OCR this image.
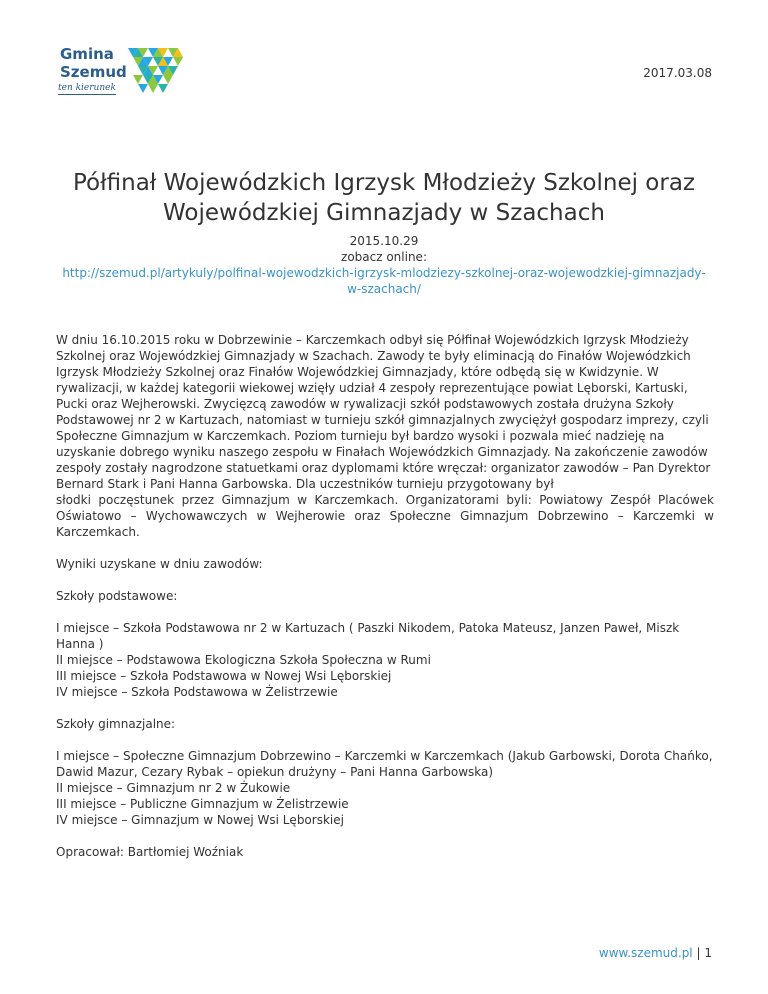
Gmina
Szemud
ten kierunek
2017.03.08
Półfinał Wojewódzkich Igrzysk Młodzieży Szkolnej oraz Wojewódzkiej Gimnazjady w Szachach
2015.10.29
zobacz online:
http://szemud.pl/artykuly/polfinal-wojewodzkich-igrzysk-mlodziezy-szkolnej-oraz-wojewodzkiej-gimnazjady-w-szachach/

W dniu 16.10.2015 roku w Dobrzewinie – Karczemkach odbył się Półfinał Wojewódzkich Igrzysk Młodzieży Szkolnej oraz Wojewódzkiej Gimnazjady w Szachach. Zawody te były eliminacją do Finałów Wojewódzkich Igrzysk Młodzieży Szkolnej oraz Finałów Wojewódzkiej Gimnazjady, które odbędą się w Kwidzynie. W rywalizacji, w każdej kategorii wiekowej wzięły udział 4 zespoły reprezentujące powiat Lęborski, Kartuski, Pucki oraz Wejherowski. Zwycięzcą zawodów w rywalizacji szkół podstawowych została drużyna Szkoły Podstawowej nr 2 w Kartuzach, natomiast w turnieju szkół gimnazjalnych zwyciężył gospodarz imprezy, czyli Społeczne Gimnazjum w Karczemkach. Poziom turnieju był bardzo wysoki i pozwala mieć nadzieję na uzyskanie dobrego wyniku naszego zespołu w Finałach Wojewódzkich Gimnazjady. Na zakończenie zawodów zespoły zostały nagrodzone statuetkami oraz dyplomami które wręczał: organizator zawodów – Pan Dyrektor Bernard Stark i Pani Hanna Garbowska. Dla uczestników turnieju przygotowany był

słodki poczęstunek przez Gimnazjum w Karczemkach. Organizatorami byli: Powiatowy Zespół Placówek Oświatowo – Wychowawczych w Wejherowie oraz Społeczne Gimnazjum Dobrzewino – Karczemki w Karczemkach.

Wyniki uzyskane w dniu zawodów:

Szkoły podstawowe:

I miejsce – Szkoła Podstawowa nr 2 w Kartuzach ( Paszki Nikodem, Patoka Mateusz, Janzen Paweł, Miszk Hanna )
II miejsce – Podstawowa Ekologiczna Szkoła Społeczna w Rumi
III miejsce – Szkoła Podstawowa w Nowej Wsi Lęborskiej
IV miejsce – Szkoła Podstawowa w Żelistrzewie

Szkoły gimnazjalne:

I miejsce – Społeczne Gimnazjum Dobrzewino – Karczemki w Karczemkach (Jakub Garbowski, Dorota Chańko,
Dawid Mazur, Cezary Rybak – opiekun drużyny – Pani Hanna Garbowska)
II miejsce – Gimnazjum nr 2 w Żukowie
III miejsce – Publiczne Gimnazjum w Żelistrzewie
IV miejsce – Gimnazjum w Nowej Wsi Lęborskiej

Opracował: Bartłomiej Woźniak

www.szemud.pl | 1
